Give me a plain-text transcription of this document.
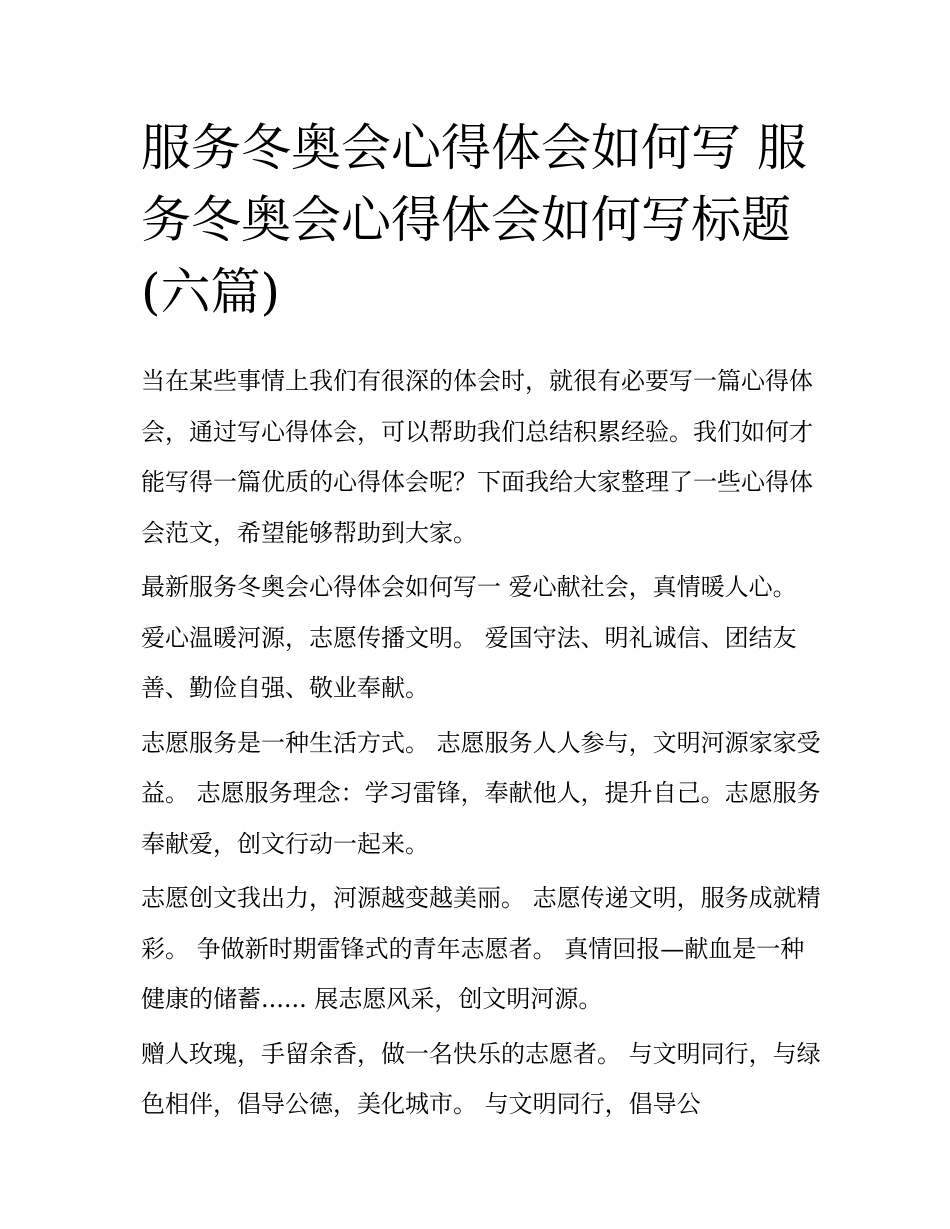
服务冬奥会心得体会如何写 服务冬奥会心得体会如何写标题(六篇)

当在某些事情上我们有很深的体会时，就很有必要写一篇心得体会，通过写心得体会，可以帮助我们总结积累经验。我们如何才能写得一篇优质的心得体会呢？下面我给大家整理了一些心得体会范文，希望能够帮助到大家。

最新服务冬奥会心得体会如何写一 爱心献社会，真情暖人心。 爱心温暖河源，志愿传播文明。 爱国守法、明礼诚信、团结友善、勤俭自强、敬业奉献。

志愿服务是一种生活方式。 志愿服务人人参与，文明河源家家受益。 志愿服务理念：学习雷锋，奉献他人，提升自己。志愿服务奉献爱，创文行动一起来。

志愿创文我出力，河源越变越美丽。 志愿传递文明，服务成就精彩。 争做新时期雷锋式的青年志愿者。 真情回报—献血是一种健康的储蓄...... 展志愿风采，创文明河源。

赠人玫瑰，手留余香，做一名快乐的志愿者。 与文明同行，与绿色相伴，倡导公德，美化城市。 与文明同行，倡导公
